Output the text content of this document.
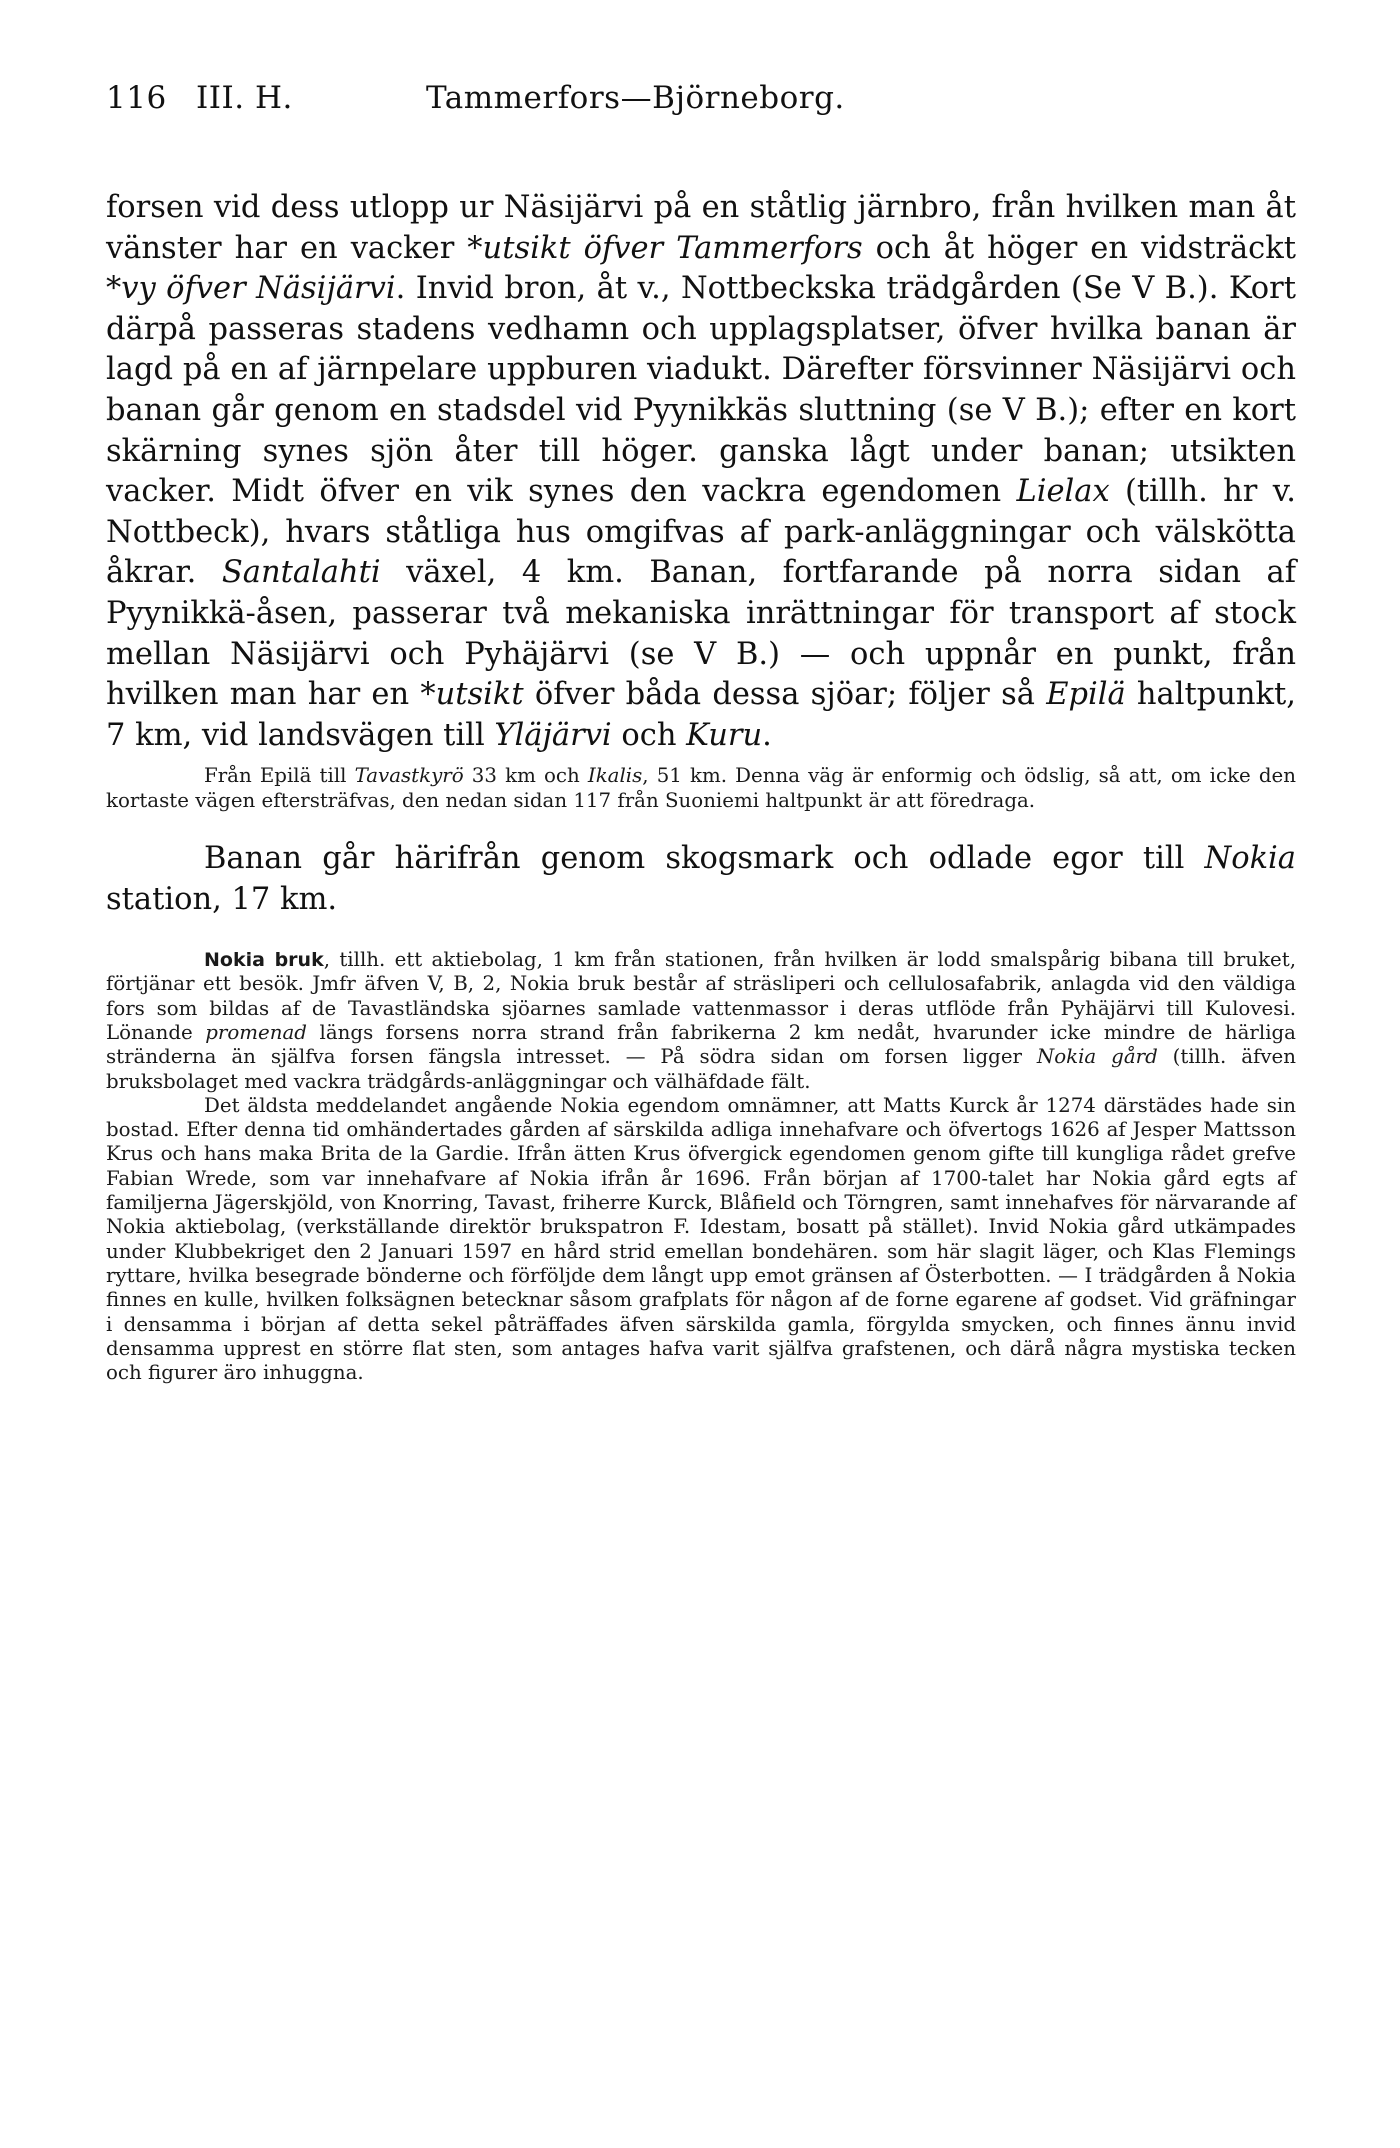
116 III. H.	Tammerfors—Björneborg.

forsen vid dess utlopp ur Näsijärvi på en ståtlig järnbro, från hvilken man åt vänster har en vacker *utsikt öfver Tammerfors och åt höger en vidsträckt *vy öfver Näsijärvi. Invid bron, åt v., Nottbeckska trädgården (Se V B.). Kort därpå passeras stadens vedhamn och upplagsplatser, öfver hvilka banan är lagd på en af järnpelare uppburen viadukt. Därefter försvinner Näsijärvi och banan går genom en stadsdel vid Pyynikkäs sluttning (se V B.); efter en kort skärning synes sjön åter till höger. ganska lågt under banan; utsikten vacker. Midt öfver en vik synes den vackra egendomen Lielax (tillh. hr v. Nottbeck), hvars ståtliga hus omgifvas af park-anläggningar och välskötta åkrar. Santalahti växel, 4 km. Banan, fortfarande på norra sidan af Pyynikkä-åsen, passerar två mekaniska inrättningar för transport af stock mellan Näsijärvi och Pyhäjärvi (se V B.) — och uppnår en punkt, från hvilken man har en *utsikt öfver båda dessa sjöar; följer så Epilä haltpunkt, 7 km, vid landsvägen till Yläjärvi och Kuru.

Från Epilä till Tavastkyrö 33 km och Ikalis, 51 km. Denna väg är enformig och ödslig, så att, om icke den kortaste vägen eftersträfvas, den nedan sidan 117 från Suoniemi haltpunkt är att föredraga.

Banan går härifrån genom skogsmark och odlade egor till Nokia station, 17 km.

Nokia bruk, tillh. ett aktiebolag, 1 km från stationen, från hvilken är lodd smalspårig bibana till bruket, förtjänar ett besök. Jmfr äfven V, B, 2, Nokia bruk består af sträsliperi och cellulosafabrik, anlagda vid den väldiga fors som bildas af de Tavastländska sjöarnes samlade vattenmassor i deras utflöde från Pyhäjärvi till Kulovesi. Lönande promenad längs forsens norra strand från fabrikerna 2 km nedåt, hvarunder icke mindre de härliga stränderna än själfva forsen fängsla intresset. — På södra sidan om forsen ligger Nokia gård (tillh. äfven bruksbolaget med vackra trädgårds-anläggningar och välhäfdade fält.

Det äldsta meddelandet angående Nokia egendom omnämner, att Matts Kurck år 1274 därstädes hade sin bostad. Efter denna tid omhändertades gården af särskilda adliga innehafvare och öfvertogs 1626 af Jesper Mattsson Krus och hans maka Brita de la Gardie. Ifrån ätten Krus öfvergick egendomen genom gifte till kungliga rådet grefve Fabian Wrede, som var innehafvare af Nokia ifrån år 1696. Från början af 1700-talet har Nokia gård egts af familjerna Jägerskjöld, von Knorring, Tavast, friherre Kurck, Blåfield och Törngren, samt innehafves för närvarande af Nokia aktiebolag, (verkställande direktör brukspatron F. Idestam, bosatt på stället). Invid Nokia gård utkämpades under Klubbekriget den 2 Januari 1597 en hård strid emellan bondehären. som här slagit läger, och Klas Flemings ryttare, hvilka besegrade bönderne och förföljde dem långt upp emot gränsen af Österbotten. — I trädgården å Nokia finnes en kulle, hvilken folksägnen betecknar såsom grafplats för någon af de forne egarene af godset. Vid gräfningar i densamma i början af detta sekel påträffades äfven särskilda gamla, förgylda smycken, och finnes ännu invid densamma upprest en större flat sten, som antages hafva varit själfva grafstenen, och därå några mystiska tecken och figurer äro inhuggna.
